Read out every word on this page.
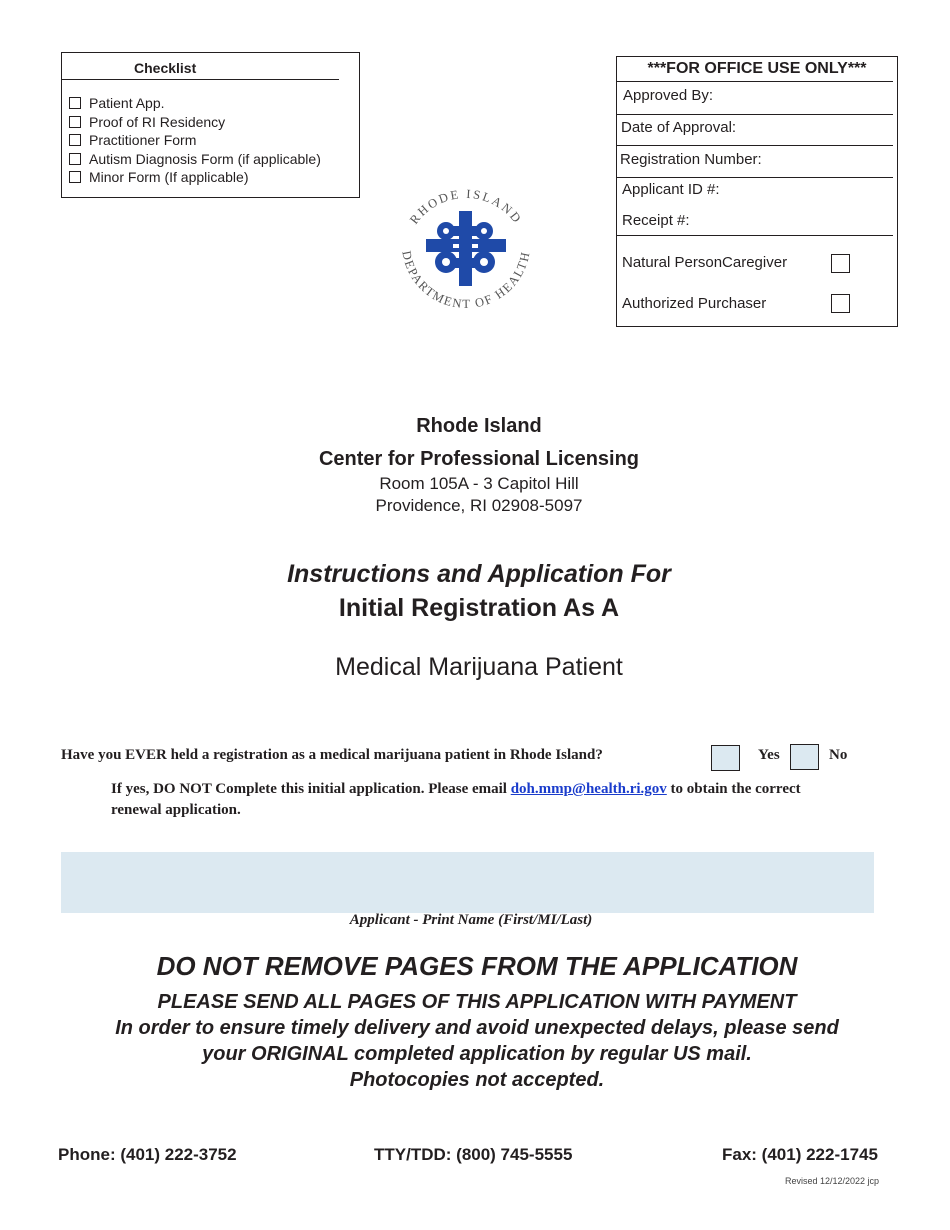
Checklist
Patient App.
Proof of RI Residency
Practitioner Form
Autism Diagnosis Form (if applicable)
Minor Form (If applicable)
***FOR OFFICE USE ONLY***
Approved By:
Date of Approval:
Registration Number:
Applicant ID #:
Receipt #:
Natural PersonCaregiver
Authorized Purchaser
RHODE ISLAND
DEPARTMENT OF HEALTH
Rhode Island
Center for Professional Licensing
Room 105A - 3 Capitol Hill
Providence, RI 02908-5097
Instructions and Application For
Initial Registration As A
Medical Marijuana Patient
Have you EVER held a registration as a medical marijuana patient in Rhode Island?	Yes	No
If yes, DO NOT Complete this initial application. Please email doh.mmp@health.ri.gov to obtain the correct
renewal application.
Applicant - Print Name (First/MI/Last)
DO NOT REMOVE PAGES FROM THE APPLICATION
PLEASE SEND ALL PAGES OF THIS APPLICATION WITH PAYMENT
In order to ensure timely delivery and avoid unexpected delays, please send
your ORIGINAL completed application by regular US mail.
Photocopies not accepted.
Phone: (401) 222-3752	TTY/TDD: (800) 745-5555	Fax: (401) 222-1745
Revised 12/12/2022 jcp
